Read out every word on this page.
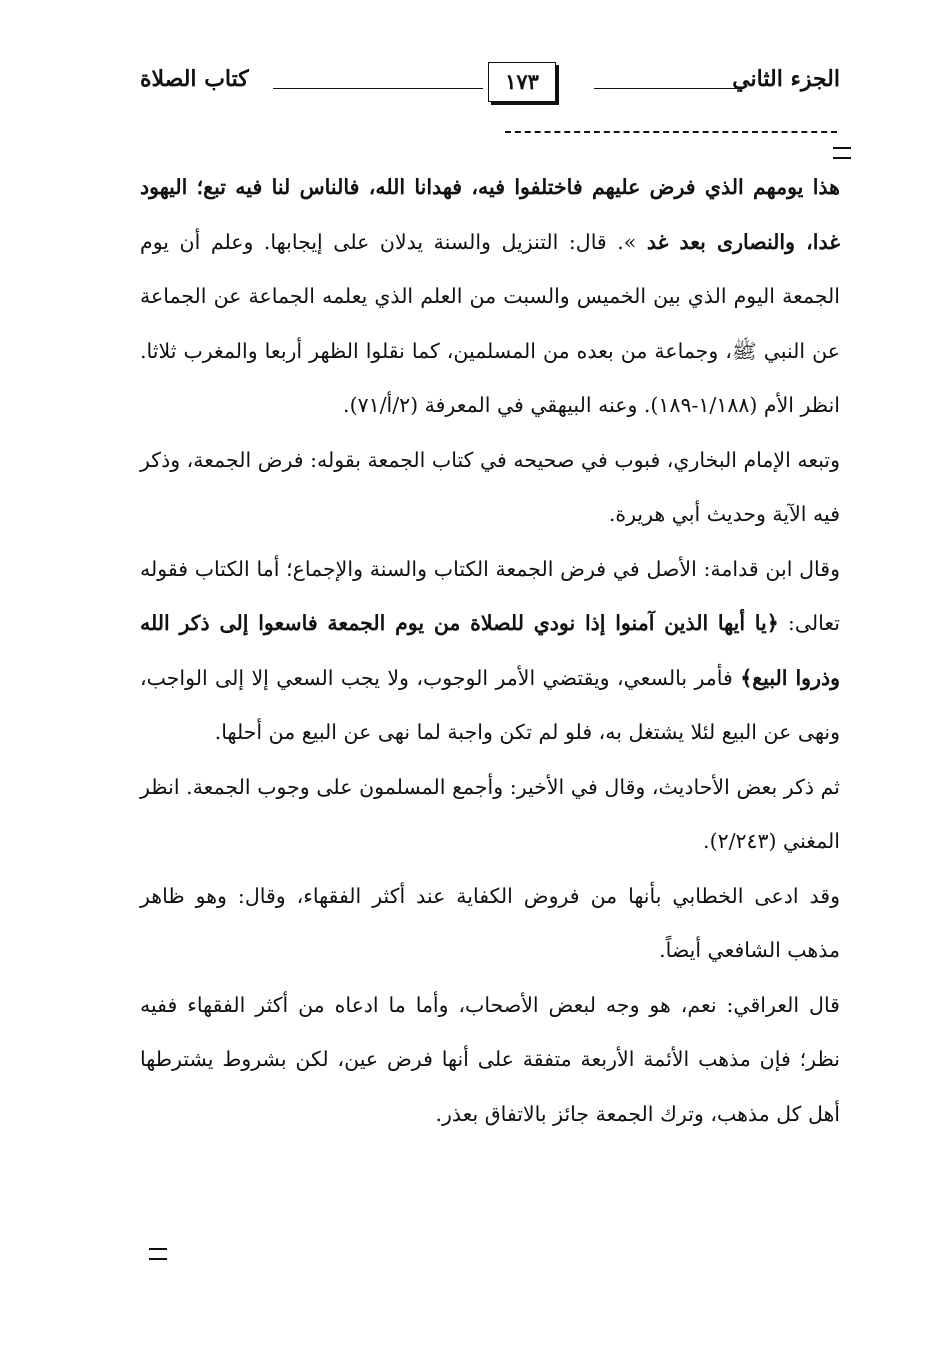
الجزء الثاني
١٧٣
كتاب الصلاة

هذا يومهم الذي فرض عليهم فاختلفوا فيه، فهدانا الله، فالناس لنا فيه تبع؛ اليهود غدا، والنصارى بعد غد ». قال: التنزيل والسنة يدلان على إيجابها. وعلم أن يوم الجمعة اليوم الذي بين الخميس والسبت من العلم الذي يعلمه الجماعة عن الجماعة عن النبي ﷺ، وجماعة من بعده من المسلمين، كما نقلوا الظهر أربعا والمغرب ثلاثا. انظر الأم (١/١٨٨-١٨٩). وعنه البيهقي في المعرفة (٢/أ/٧١).

وتبعه الإمام البخاري، فبوب في صحيحه في كتاب الجمعة بقوله: فرض الجمعة، وذكر فيه الآية وحديث أبي هريرة.

وقال ابن قدامة: الأصل في فرض الجمعة الكتاب والسنة والإجماع؛ أما الكتاب فقوله تعالى: ﴿يا أيها الذين آمنوا إذا نودي للصلاة من يوم الجمعة فاسعوا إلى ذكر الله وذروا البيع﴾ فأمر بالسعي، ويقتضي الأمر الوجوب، ولا يجب السعي إلا إلى الواجب، ونهى عن البيع لئلا يشتغل به، فلو لم تكن واجبة لما نهى عن البيع من أحلها.

ثم ذكر بعض الأحاديث، وقال في الأخير: وأجمع المسلمون على وجوب الجمعة. انظر المغني (٢/٢٤٣).

وقد ادعى الخطابي بأنها من فروض الكفاية عند أكثر الفقهاء، وقال: وهو ظاهر مذهب الشافعي أيضاً.

قال العراقي: نعم، هو وجه لبعض الأصحاب، وأما ما ادعاه من أكثر الفقهاء ففيه نظر؛ فإن مذهب الأئمة الأربعة متفقة على أنها فرض عين، لكن بشروط يشترطها أهل كل مذهب، وترك الجمعة جائز بالاتفاق بعذر.
